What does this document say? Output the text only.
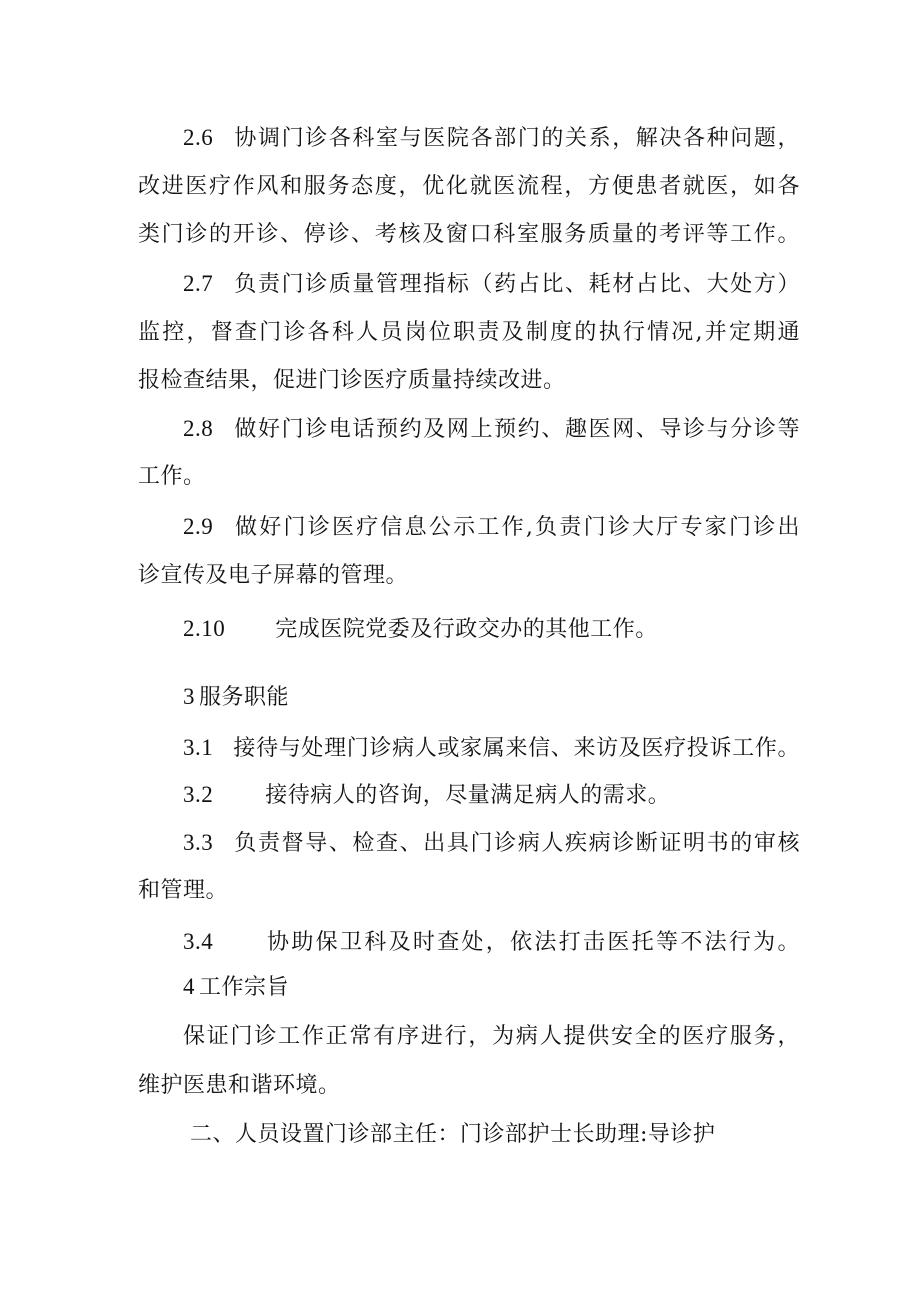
2.6 协调门诊各科室与医院各部门的关系，解决各种问题，
改进医疗作风和服务态度，优化就医流程，方便患者就医，如各
类门诊的开诊、停诊、考核及窗口科室服务质量的考评等工作。
2.7 负责门诊质量管理指标（药占比、耗材占比、大处方）
监控，督查门诊各科人员岗位职责及制度的执行情况,并定期通
报检查结果，促进门诊医疗质量持续改进。
2.8 做好门诊电话预约及网上预约、趣医网、导诊与分诊等
工作。
2.9 做好门诊医疗信息公示工作,负责门诊大厅专家门诊出
诊宣传及电子屏幕的管理。
2.10 完成医院党委及行政交办的其他工作。
3 服务职能
3.1 接待与处理门诊病人或家属来信、来访及医疗投诉工作。
3.2 接待病人的咨询，尽量满足病人的需求。
3.3 负责督导、检查、出具门诊病人疾病诊断证明书的审核
和管理。
3.4 协助保卫科及时查处，依法打击医托等不法行为。
4 工作宗旨
保证门诊工作正常有序进行，为病人提供安全的医疗服务，
维护医患和谐环境。
二、人员设置门诊部主任：门诊部护士长助理:导诊护
